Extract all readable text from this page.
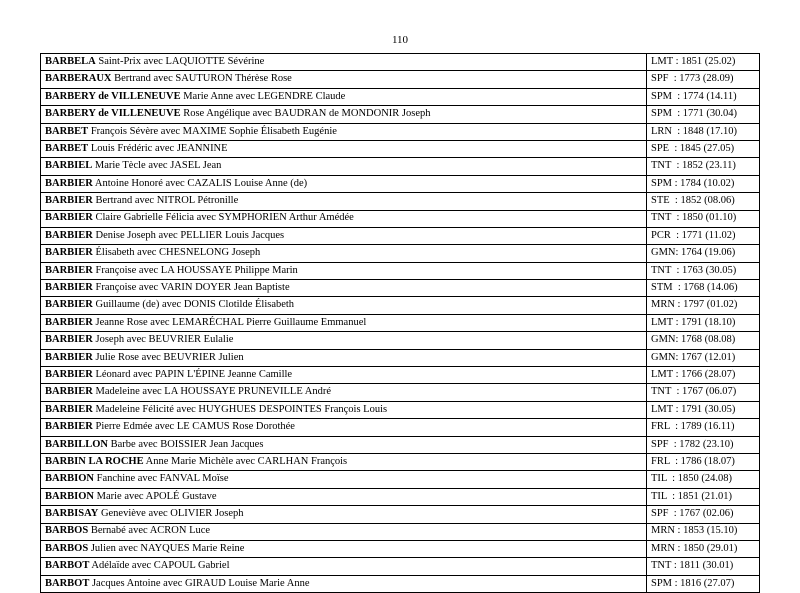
110
BARBELA Saint-Prix avec LAQUIOTTE Sévérine	LMT : 1851 (25.02)
BARBERAUX Bertrand avec SAUTURON Thérèse Rose	SPF  : 1773 (28.09)
BARBERY de VILLENEUVE Marie Anne avec LEGENDRE Claude	SPM  : 1774 (14.11)
BARBERY de VILLENEUVE Rose Angélique avec BAUDRAN de MONDONIR Joseph	SPM  : 1771 (30.04)
BARBET François Sévère avec MAXIME Sophie Élisabeth Eugénie	LRN  : 1848 (17.10)
BARBET Louis Frédéric avec JEANNINE	SPE  : 1845 (27.05)
BARBIEL Marie Tècle avec JASEL Jean	TNT  : 1852 (23.11)
BARBIER Antoine Honoré avec CAZALIS Louise Anne (de)	SPM : 1784 (10.02)
BARBIER Bertrand avec NITROL Pétronille	STE  : 1852 (08.06)
BARBIER Claire Gabrielle Félicia avec SYMPHORIEN Arthur Amédée	TNT  : 1850 (01.10)
BARBIER Denise Joseph avec PELLIER Louis Jacques	PCR  : 1771 (11.02)
BARBIER Élisabeth avec CHESNELONG Joseph	GMN: 1764 (19.06)
BARBIER Françoise avec LA HOUSSAYE Philippe Marin	TNT  : 1763 (30.05)
BARBIER Françoise avec VARIN DOYER Jean Baptiste	STM  : 1768 (14.06)
BARBIER Guillaume (de) avec DONIS Clotilde Élisabeth	MRN : 1797 (01.02)
BARBIER Jeanne Rose avec LEMARÉCHAL Pierre Guillaume Emmanuel	LMT : 1791 (18.10)
BARBIER Joseph avec BEUVRIER Eulalie	GMN: 1768 (08.08)
BARBIER Julie Rose avec BEUVRIER Julien	GMN: 1767 (12.01)
BARBIER Léonard avec PAPIN L'ÉPINE Jeanne Camille	LMT : 1766 (28.07)
BARBIER Madeleine avec LA HOUSSAYE PRUNEVILLE André	TNT  : 1767 (06.07)
BARBIER Madeleine Félicité avec HUYGHUES DESPOINTES François Louis	LMT : 1791 (30.05)
BARBIER Pierre Edmée avec LE CAMUS Rose Dorothée	FRL  : 1789 (16.11)
BARBILLON Barbe avec BOISSIER Jean Jacques	SPF  : 1782 (23.10)
BARBIN LA ROCHE Anne Marie Michèle avec CARLHAN François	FRL  : 1786 (18.07)
BARBION Fanchine avec FANVAL Moïse	TIL  : 1850 (24.08)
BARBION Marie avec APOLÉ Gustave	TIL  : 1851 (21.01)
BARBISAY Geneviève avec OLIVIER Joseph	SPF  : 1767 (02.06)
BARBOS Bernabé avec ACRON Luce	MRN : 1853 (15.10)
BARBOS Julien avec NAYQUES Marie Reine	MRN : 1850 (29.01)
BARBOT Adélaïde avec CAPOUL Gabriel	TNT : 1811 (30.01)
BARBOT Jacques Antoine avec GIRAUD Louise Marie Anne	SPM : 1816 (27.07)
